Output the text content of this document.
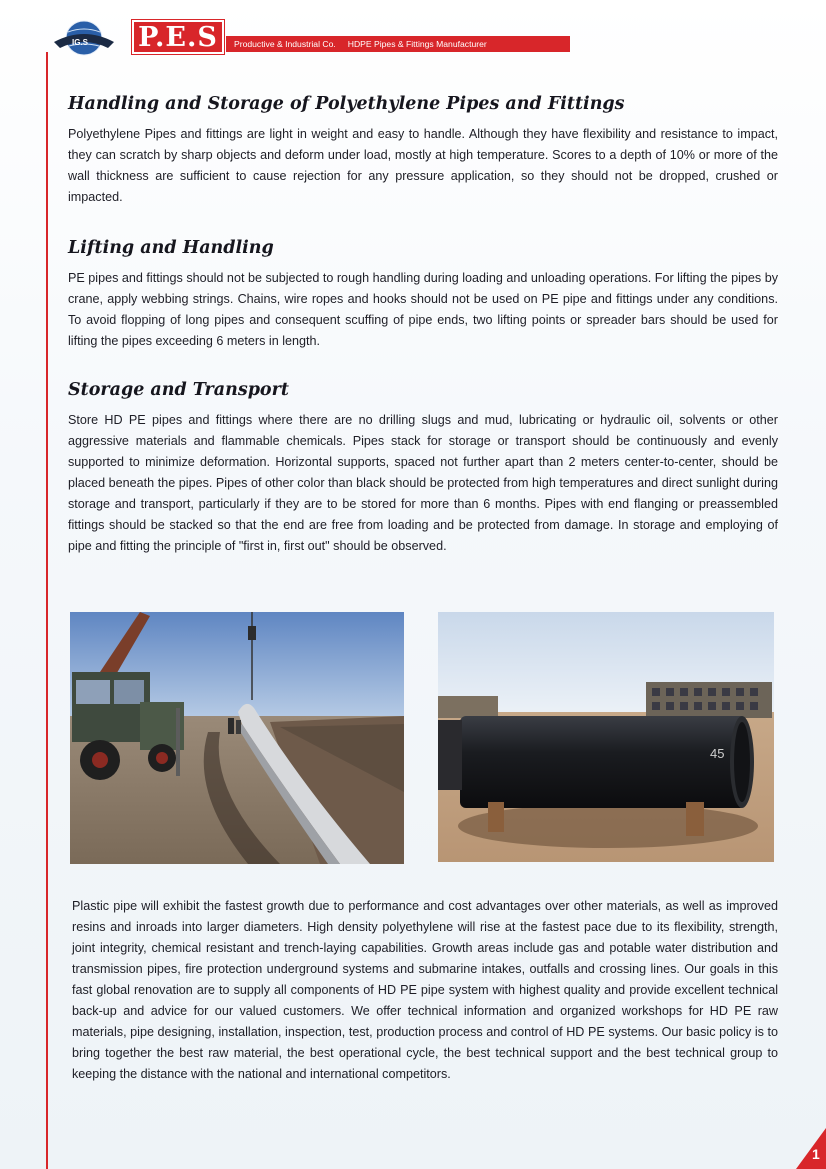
IG.S P.E.S	Productive & Industrial Co. HDPE Pipes & Fittings Manufacturer
Handling and Storage of Polyethylene Pipes and Fittings
Polyethylene Pipes and fittings are light in weight and easy to handle. Although they have flexibility and resistance to impact, they can scratch by sharp objects and deform under load, mostly at high temperature. Scores to a depth of 10% or more of the wall thickness are sufficient to cause rejection for any pressure application, so they should not be dropped, crushed or impacted.
Lifting and Handling
PE pipes and fittings should not be subjected to rough handling during loading and unloading operations. For lifting the pipes by crane, apply webbing strings. Chains, wire ropes and hooks should not be used on PE pipe and fittings under any conditions. To avoid flopping of long pipes and consequent scuffing of pipe ends, two lifting points or spreader bars should be used for lifting the pipes exceeding 6 meters in length.
Storage and Transport
Store HD PE pipes and fittings where there are no drilling slugs and mud, lubricating or hydraulic oil, solvents or other aggressive materials and flammable chemicals. Pipes stack for storage or transport should be continuously and evenly supported to minimize deformation. Horizontal supports, spaced not further apart than 2 meters center-to-center, should be placed beneath the pipes. Pipes of other color than black should be protected from high temperatures and direct sunlight during storage and transport, particularly if they are to be stored for more than 6 months. Pipes with end flanging or preassembled fittings should be stacked so that the end are free from loading and be protected from damage. In storage and employing of pipe and fitting the principle of "first in, first out" should be observed.
45
Plastic pipe will exhibit the fastest growth due to performance and cost advantages over other materials, as well as improved resins and inroads into larger diameters. High density polyethylene will rise at the fastest pace due to its flexibility, strength, joint integrity, chemical resistant and trench-laying capabilities. Growth areas include gas and potable water distribution and transmission pipes, fire protection underground systems and submarine intakes, outfalls and crossing lines. Our goals in this fast global renovation are to supply all components of HD PE pipe system with highest quality and provide excellent technical back-up and advice for our valued customers. We offer technical information and organized workshops for HD PE raw materials, pipe designing, installation, inspection, test, production process and control of HD PE systems. Our basic policy is to bring together the best raw material, the best operational cycle, the best technical support and the best technical group to keeping the distance with the national and international competitors.
1
